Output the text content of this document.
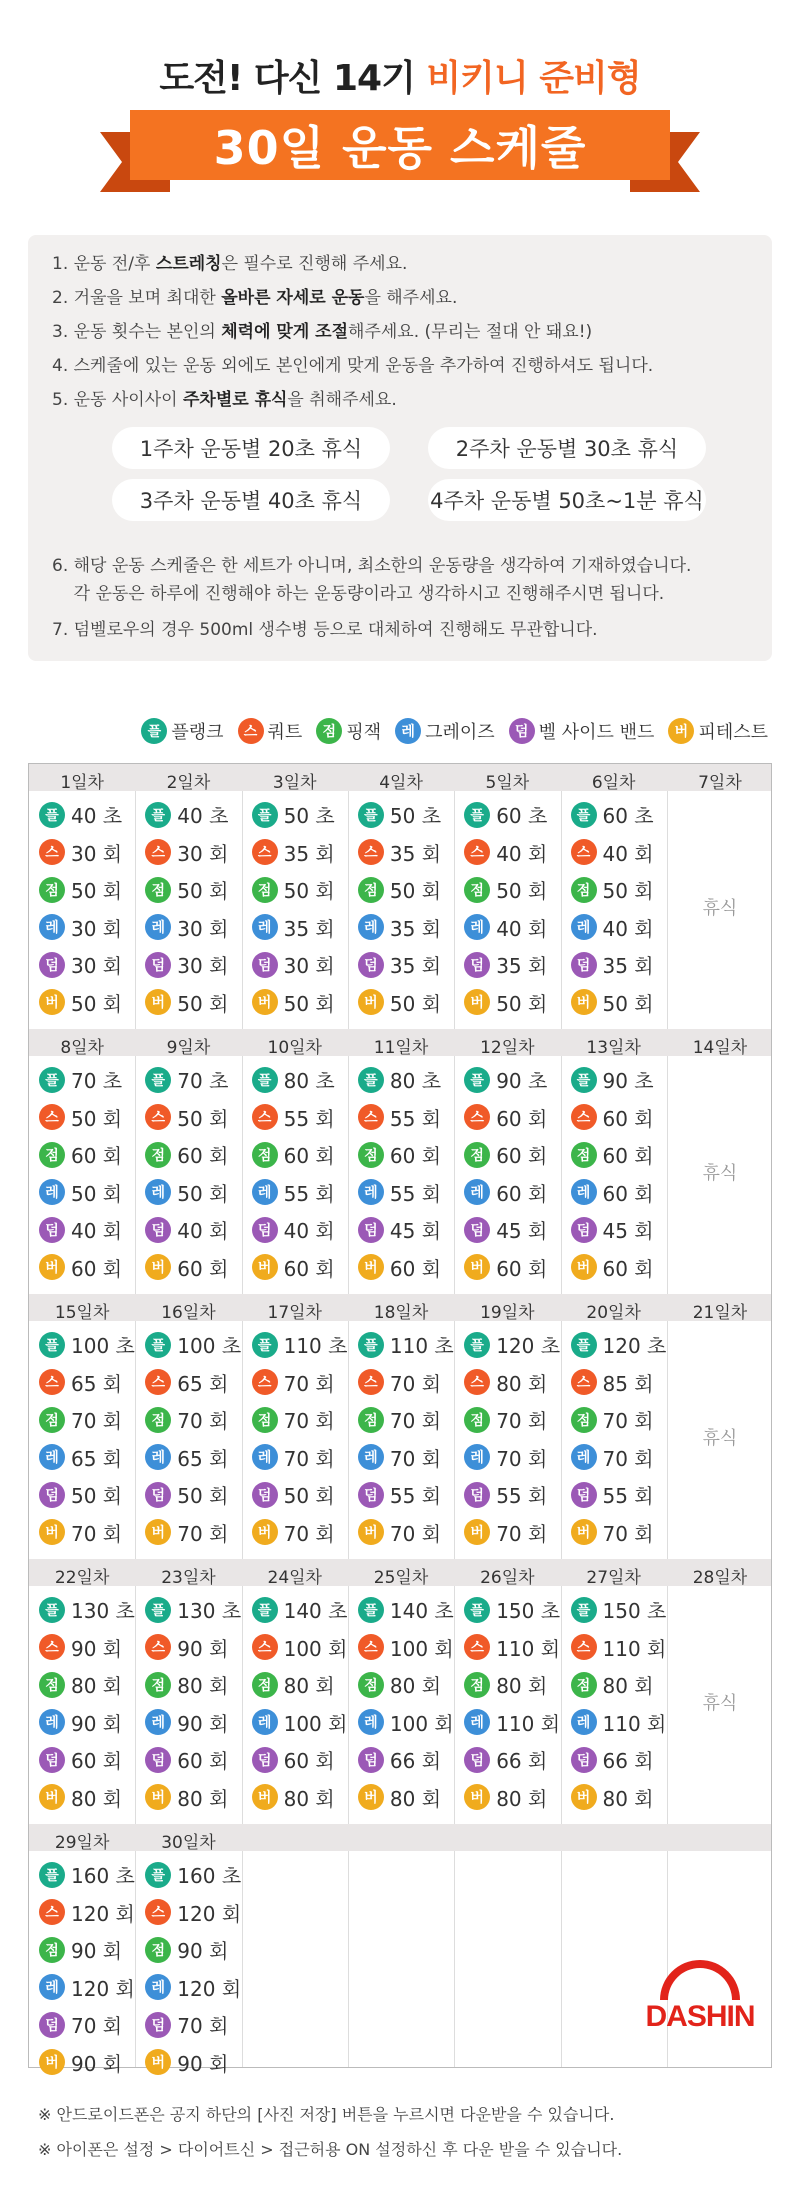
도전! 다신 14기 비키니 준비형
30일 운동 스케줄
1. 운동 전/후 스트레칭은 필수로 진행해 주세요.
2. 거울을 보며 최대한 올바른 자세로 운동을 해주세요.
3. 운동 횟수는 본인의 체력에 맞게 조절해주세요. (무리는 절대 안 돼요!)
4. 스케줄에 있는 운동 외에도 본인에게 맞게 운동을 추가하여 진행하셔도 됩니다.
5. 운동 사이사이 주차별로 휴식을 취해주세요.
1주차 운동별 20초 휴식	2주차 운동별 30초 휴식
3주차 운동별 40초 휴식	4주차 운동별 50초~1분 휴식
6. 해당 운동 스케줄은 한 세트가 아니며, 최소한의 운동량을 생각하여 기재하였습니다.
각 운동은 하루에 진행해야 하는 운동량이라고 생각하시고 진행해주시면 됩니다.
7. 덤벨로우의 경우 500ml 생수병 등으로 대체하여 진행해도 무관합니다.
플 플랭크	스 쿼트	점 핑잭	레 그레이즈	덤 벨 사이드 밴드	버 피테스트
1일차
플 40 초
스 30 회
점 50 회
레 30 회
덤 30 회
버 50 회
2일차
플 40 초
스 30 회
점 50 회
레 30 회
덤 30 회
버 50 회
3일차
플 50 초
스 35 회
점 50 회
레 35 회
덤 30 회
버 50 회
4일차
플 50 초
스 35 회
점 50 회
레 35 회
덤 35 회
버 50 회
5일차
플 60 초
스 40 회
점 50 회
레 40 회
덤 35 회
버 50 회
6일차
플 60 초
스 40 회
점 50 회
레 40 회
덤 35 회
버 50 회
7일차
휴식
8일차
플 70 초
스 50 회
점 60 회
레 50 회
덤 40 회
버 60 회
9일차
플 70 초
스 50 회
점 60 회
레 50 회
덤 40 회
버 60 회
10일차
플 80 초
스 55 회
점 60 회
레 55 회
덤 40 회
버 60 회
11일차
플 80 초
스 55 회
점 60 회
레 55 회
덤 45 회
버 60 회
12일차
플 90 초
스 60 회
점 60 회
레 60 회
덤 45 회
버 60 회
13일차
플 90 초
스 60 회
점 60 회
레 60 회
덤 45 회
버 60 회
14일차
휴식
15일차
플 100 초
스 65 회
점 70 회
레 65 회
덤 50 회
버 70 회
16일차
플 100 초
스 65 회
점 70 회
레 65 회
덤 50 회
버 70 회
17일차
플 110 초
스 70 회
점 70 회
레 70 회
덤 50 회
버 70 회
18일차
플 110 초
스 70 회
점 70 회
레 70 회
덤 55 회
버 70 회
19일차
플 120 초
스 80 회
점 70 회
레 70 회
덤 55 회
버 70 회
20일차
플 120 초
스 85 회
점 70 회
레 70 회
덤 55 회
버 70 회
21일차
휴식
22일차
플 130 초
스 90 회
점 80 회
레 90 회
덤 60 회
버 80 회
23일차
플 130 초
스 90 회
점 80 회
레 90 회
덤 60 회
버 80 회
24일차
플 140 초
스 100 회
점 80 회
레 100 회
덤 60 회
버 80 회
25일차
플 140 초
스 100 회
점 80 회
레 100 회
덤 66 회
버 80 회
26일차
플 150 초
스 110 회
점 80 회
레 110 회
덤 66 회
버 80 회
27일차
플 150 초
스 110 회
점 80 회
레 110 회
덤 66 회
버 80 회
28일차
휴식
29일차
플 160 초
스 120 회
점 90 회
레 120 회
덤 70 회
버 90 회
30일차
플 160 초
스 120 회
점 90 회
레 120 회
덤 70 회
버 90 회
DASHIN
※ 안드로이드폰은 공지 하단의 [사진 저장] 버튼을 누르시면 다운받을 수 있습니다.
※ 아이폰은 설정 > 다이어트신 > 접근허용 ON 설정하신 후 다운 받을 수 있습니다.
